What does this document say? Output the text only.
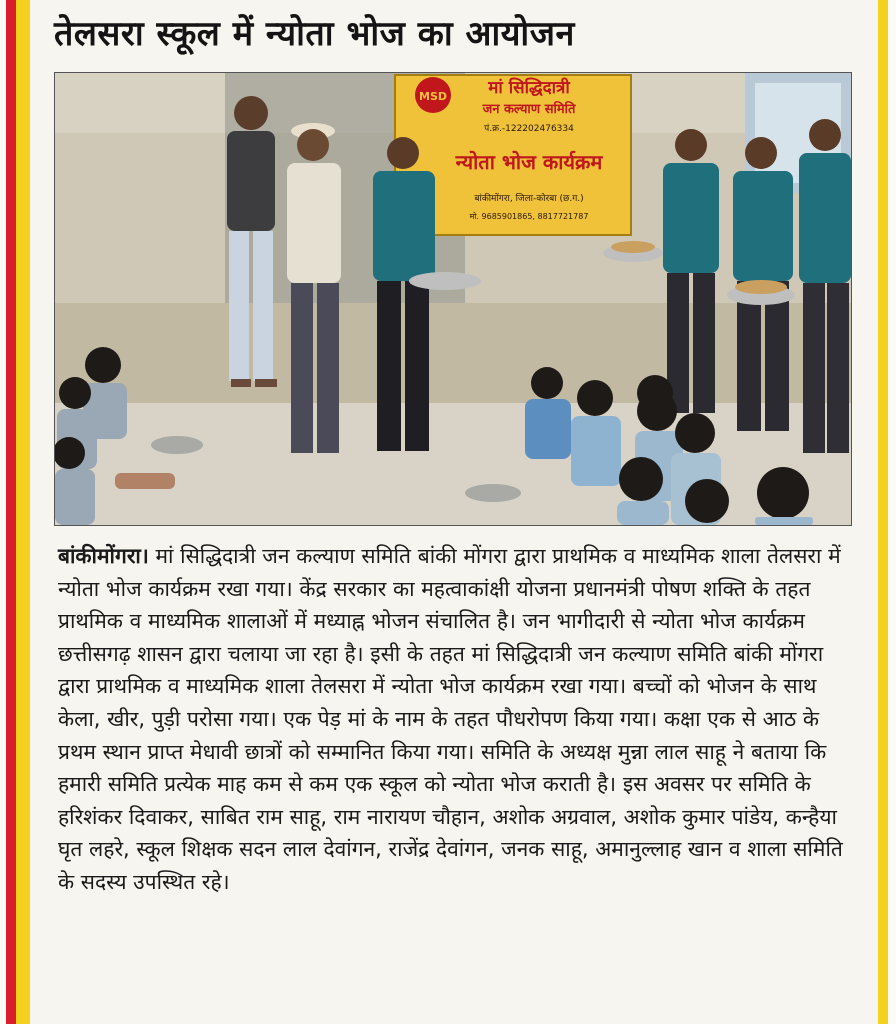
तेलसरा स्कूल में न्योता भोज का आयोजन
MSD मां सिद्धिदात्री
जन कल्याण समिति
पं.क्र.-122202476334
न्योता भोज कार्यक्रम
बांकीमोंगरा, जिला-कोरबा (छ.ग.)
मो. 9685901865, 8817721787
बांकीमोंगरा। मां सिद्धिदात्री जन कल्याण समिति बांकी मोंगरा द्वारा प्राथमिक व माध्यमिक शाला तेलसरा में न्योता भोज कार्यक्रम रखा गया। केंद्र सरकार का महत्वाकांक्षी योजना प्रधानमंत्री पोषण शक्ति के तहत प्राथमिक व माध्यमिक शालाओं में मध्याह्न भोजन संचालित है। जन भागीदारी से न्योता भोज कार्यक्रम छत्तीसगढ़ शासन द्वारा चलाया जा रहा है। इसी के तहत मां सिद्धिदात्री जन कल्याण समिति बांकी मोंगरा द्वारा प्राथमिक व माध्यमिक शाला तेलसरा में न्योता भोज कार्यक्रम रखा गया। बच्चों को भोजन के साथ केला, खीर, पुड़ी परोसा गया। एक पेड़ मां के नाम के तहत पौधरोपण किया गया। कक्षा एक से आठ के प्रथम स्थान प्राप्त मेधावी छात्रों को सम्मानित किया गया। समिति के अध्यक्ष मुन्ना लाल साहू ने बताया कि हमारी समिति प्रत्येक माह कम से कम एक स्कूल को न्योता भोज कराती है। इस अवसर पर समिति के हरिशंकर दिवाकर, साबित राम साहू, राम नारायण चौहान, अशोक अग्रवाल, अशोक कुमार पांडेय, कन्हैया घृत लहरे, स्कूल शिक्षक सदन लाल देवांगन, राजेंद्र देवांगन, जनक साहू, अमानुल्लाह खान व शाला समिति के सदस्य उपस्थित रहे।
